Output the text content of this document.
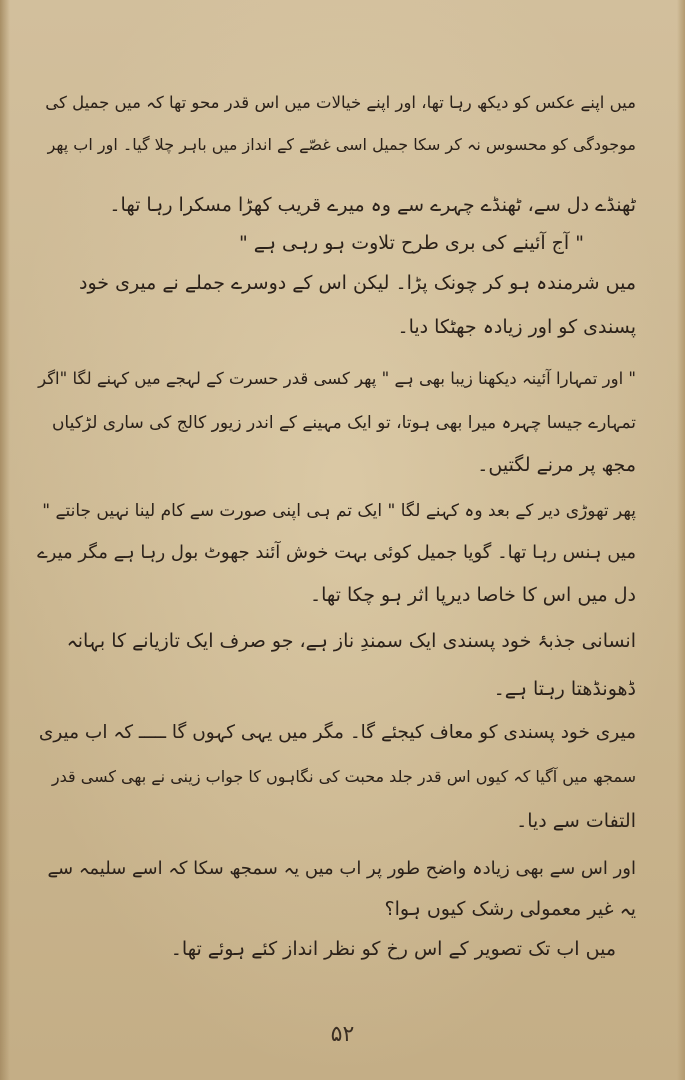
میں اپنے عکس کو دیکھ رہا تھا، اور اپنے خیالات میں اس قدر محو تھا کہ میں جمیل کی
موجودگی کو محسوس نہ کر سکا جمیل اسی غصّے کے انداز میں باہر چلا گیا۔ اور اب پھر
ٹھنڈے دل سے، ٹھنڈے چہرے سے وہ میرے قریب کھڑا مسکرا رہا تھا۔
" آج آئینے کی بری طرح تلاوت ہو رہی ہے "
میں شرمندہ ہو کر چونک پڑا۔ لیکن اس کے دوسرے جملے نے میری خود
پسندی کو اور زیادہ جھٹکا دیا۔
" اور تمہارا آئینہ دیکھنا زیبا بھی ہے " پھر کسی قدر حسرت کے لہجے میں کہنے لگا "اگر
تمہارے جیسا چہرہ میرا بھی ہوتا، تو ایک مہینے کے اندر زیور کالج کی ساری لڑکیاں
مجھ پر مرنے لگتیں۔
پھر تھوڑی دیر کے بعد وہ کہنے لگا " ایک تم ہی اپنی صورت سے کام لینا نہیں جانتے "
میں ہنس رہا تھا۔ گویا جمیل کوئی بہت خوش آئند جھوٹ بول رہا ہے مگر میرے
دل میں اس کا خاصا دیرپا اثر ہو چکا تھا۔
انسانی جذبۂ خود پسندی ایک سمندِ ناز ہے، جو صرف ایک تازیانے کا بہانہ
ڈھونڈھتا رہتا ہے۔
میری خود پسندی کو معاف کیجئے گا۔ مگر میں یہی کہوں گا ـــــ کہ اب میری
سمجھ میں آگیا کہ کیوں اس قدر جلد محبت کی نگاہوں کا جواب زینی نے بھی کسی قدر
التفات سے دیا۔
اور اس سے بھی زیادہ واضح طور پر اب میں یہ سمجھ سکا کہ اسے سلیمہ سے
یہ غیر معمولی رشک کیوں ہوا؟
میں اب تک تصویر کے اس رخ کو نظر انداز کئے ہوئے تھا۔
۵۲
